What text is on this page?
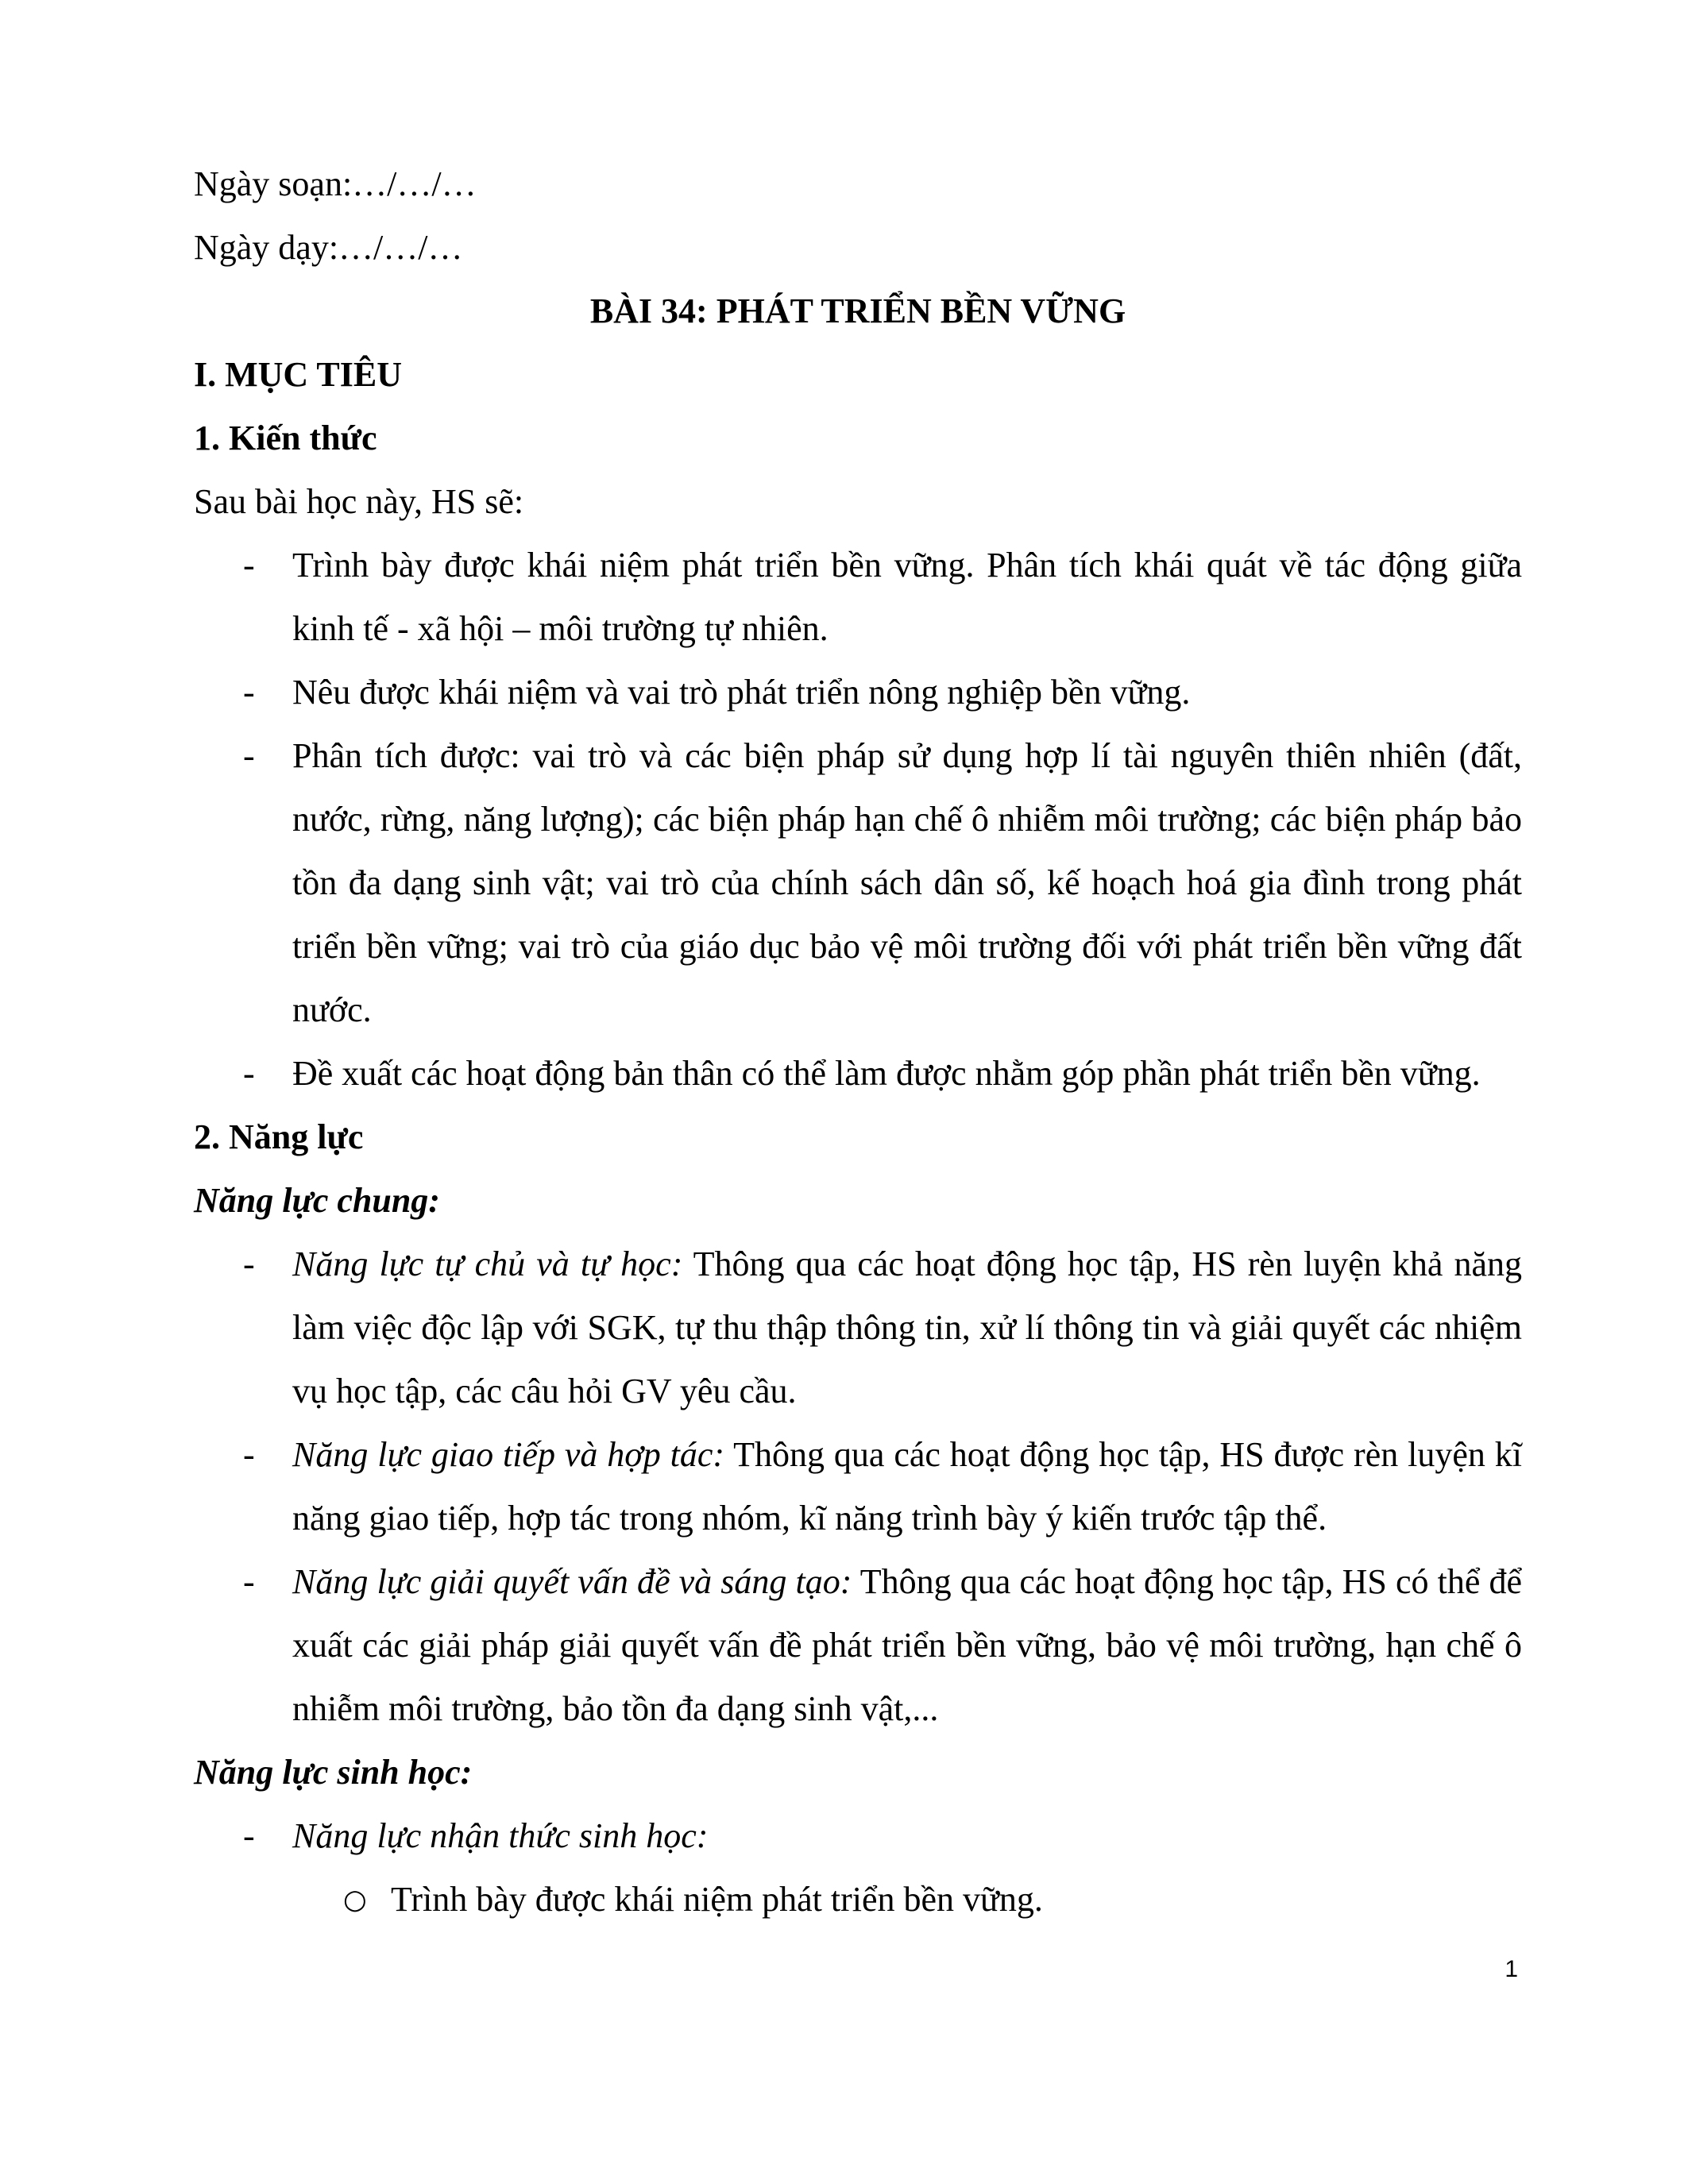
Ngày soạn:…/…/…

Ngày dạy:…/…/…

BÀI 34: PHÁT TRIỂN BỀN VỮNG

I. MỤC TIÊU

1. Kiến thức

Sau bài học này, HS sẽ:

- Trình bày được khái niệm phát triển bền vững. Phân tích khái quát về tác động giữa kinh tế - xã hội – môi trường tự nhiên.

- Nêu được khái niệm và vai trò phát triển nông nghiệp bền vững.

- Phân tích được: vai trò và các biện pháp sử dụng hợp lí tài nguyên thiên nhiên (đất, nước, rừng, năng lượng); các biện pháp hạn chế ô nhiễm môi trường; các biện pháp bảo tồn đa dạng sinh vật; vai trò của chính sách dân số, kế hoạch hoá gia đình trong phát triển bền vững; vai trò của giáo dục bảo vệ môi trường đối với phát triển bền vững đất nước.

- Đề xuất các hoạt động bản thân có thể làm được nhằm góp phần phát triển bền vững.

2. Năng lực

Năng lực chung:

- Năng lực tự chủ và tự học: Thông qua các hoạt động học tập, HS rèn luyện khả năng làm việc độc lập với SGK, tự thu thập thông tin, xử lí thông tin và giải quyết các nhiệm vụ học tập, các câu hỏi GV yêu cầu.

- Năng lực giao tiếp và hợp tác: Thông qua các hoạt động học tập, HS được rèn luyện kĩ năng giao tiếp, hợp tác trong nhóm, kĩ năng trình bày ý kiến trước tập thể.

- Năng lực giải quyết vấn đề và sáng tạo: Thông qua các hoạt động học tập, HS có thể để xuất các giải pháp giải quyết vấn đề phát triển bền vững, bảo vệ môi trường, hạn chế ô nhiễm môi trường, bảo tồn đa dạng sinh vật,...

Năng lực sinh học:

- Năng lực nhận thức sinh học:

○ Trình bày được khái niệm phát triển bền vững.

1
